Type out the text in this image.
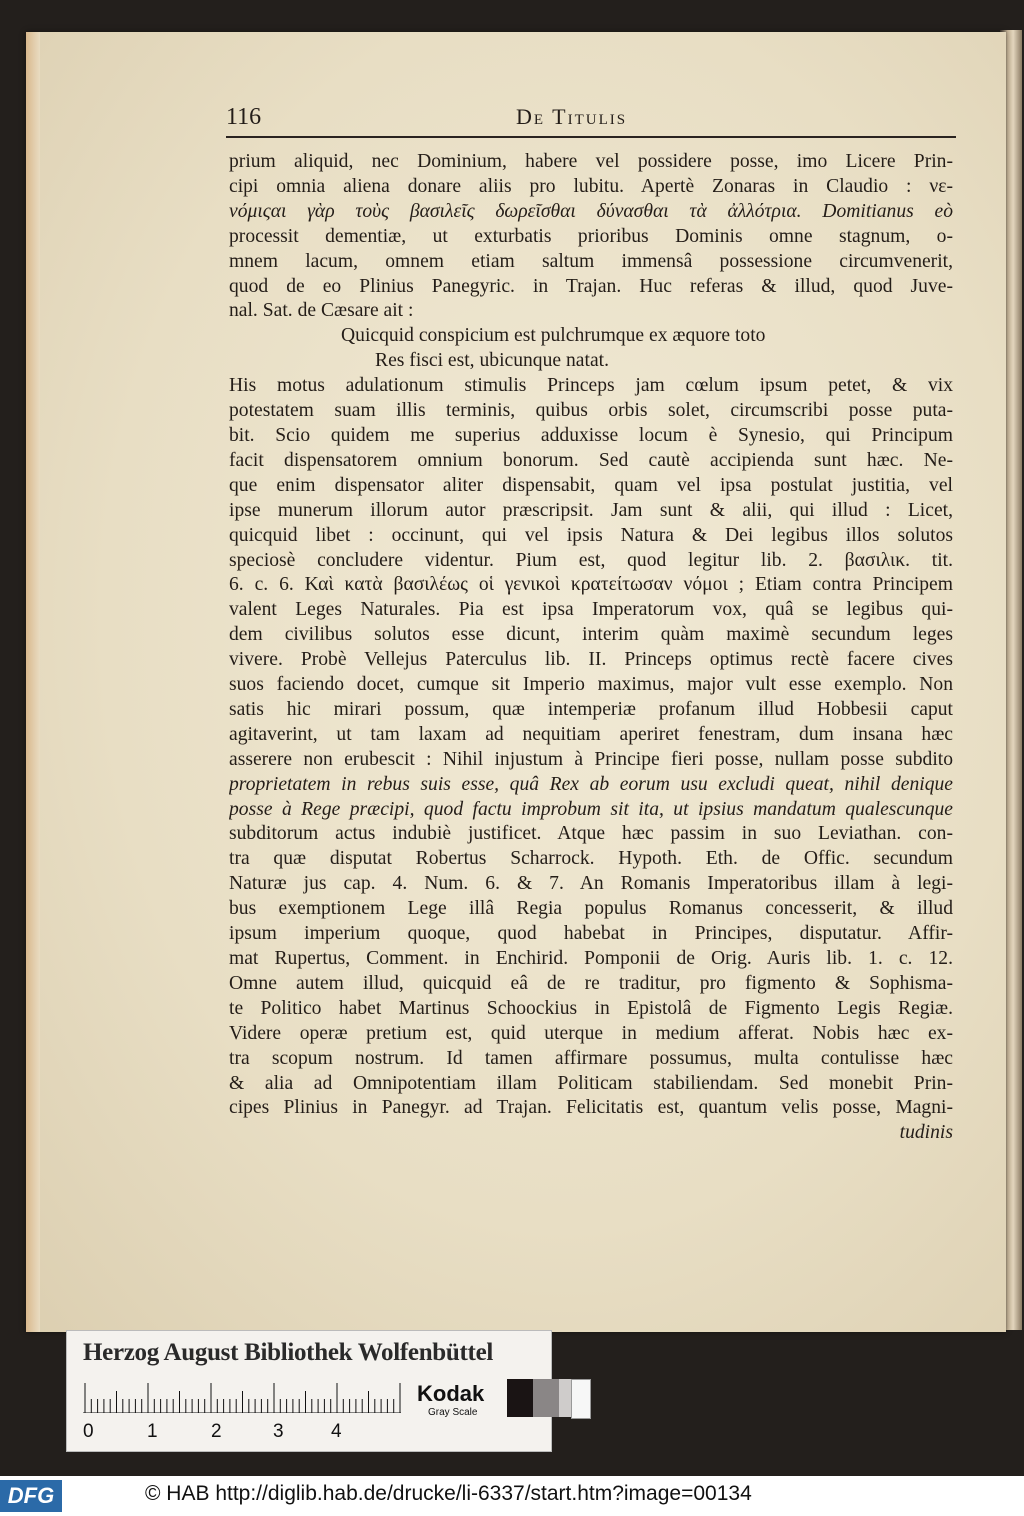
116	De Titulis
prium aliquid, nec Dominium, habere vel possidere posse, imo Licere Prin-
cipi omnia aliena donare aliis pro lubitu. Apertè Zonaras in Claudio : νε-
νόμιςαι γὰρ τοὺς βασιλεῖς δωρεῖσθαι δύνασθαι τὰ ἀλλότρια. Domitianus eò
processit dementiæ, ut exturbatis prioribus Dominis omne stagnum, o-
mnem lacum, omnem etiam saltum immensâ possessione circumvenerit,
quod de eo Plinius Panegyric. in Trajan. Huc referas & illud, quod Juve-
nal. Sat. de Cæsare ait :
Quicquid conspicium est pulchrumque ex æquore toto
Res fisci est, ubicunque natat.
His motus adulationum stimulis Princeps jam cœlum ipsum petet, & vix
potestatem suam illis terminis, quibus orbis solet, circumscribi posse puta-
bit. Scio quidem me superius adduxisse locum è Synesio, qui Principum
facit dispensatorem omnium bonorum. Sed cautè accipienda sunt hæc. Ne-
que enim dispensator aliter dispensabit, quam vel ipsa postulat justitia, vel
ipse munerum illorum autor præscripsit. Jam sunt & alii, qui illud : Licet,
quicquid libet : occinunt, qui vel ipsis Natura & Dei legibus illos solutos
speciosè concludere videntur. Pium est, quod legitur lib. 2. βασιλικ. tit.
6. c. 6. Καὶ κατὰ βασιλέως οἱ γενικοὶ κρατείτωσαν νόμοι ; Etiam contra Principem
valent Leges Naturales. Pia est ipsa Imperatorum vox, quâ se legibus qui-
dem civilibus solutos esse dicunt, interim quàm maximè secundum leges
vivere. Probè Vellejus Paterculus lib. II. Princeps optimus rectè facere cives
suos faciendo docet, cumque sit Imperio maximus, major vult esse exemplo. Non
satis hic mirari possum, quæ intemperiæ profanum illud Hobbesii caput
agitaverint, ut tam laxam ad nequitiam aperiret fenestram, dum insana hæc
asserere non erubescit : Nihil injustum à Principe fieri posse, nullam posse subdito
proprietatem in rebus suis esse, quâ Rex ab eorum usu excludi queat, nihil denique
posse à Rege præcipi, quod factu improbum sit ita, ut ipsius mandatum qualescunque
subditorum actus indubiè justificet. Atque hæc passim in suo Leviathan. con-
tra quæ disputat Robertus Scharrock. Hypoth. Eth. de Offic. secundum
Naturæ jus cap. 4. Num. 6. & 7. An Romanis Imperatoribus illam à legi-
bus exemptionem Lege illâ Regia populus Romanus concesserit, & illud
ipsum imperium quoque, quod habebat in Principes, disputatur. Affir-
mat Rupertus, Comment. in Enchirid. Pomponii de Orig. Auris lib. 1. c. 12.
Omne autem illud, quicquid eâ de re traditur, pro figmento & Sophisma-
te Politico habet Martinus Schoockius in Epistolâ de Figmento Legis Regiæ.
Videre operæ pretium est, quid uterque in medium afferat. Nobis hæc ex-
tra scopum nostrum. Id tamen affirmare possumus, multa contulisse hæc
& alia ad Omnipotentiam illam Politicam stabiliendam. Sed monebit Prin-
cipes Plinius in Panegyr. ad Trajan. Felicitatis est, quantum velis posse, Magni-
tudinis
Herzog August Bibliothek Wolfenbüttel
Kodak
Gray Scale
0	1	2	3 4
DFG	© HAB http://diglib.hab.de/drucke/li-6337/start.htm?image=00134
